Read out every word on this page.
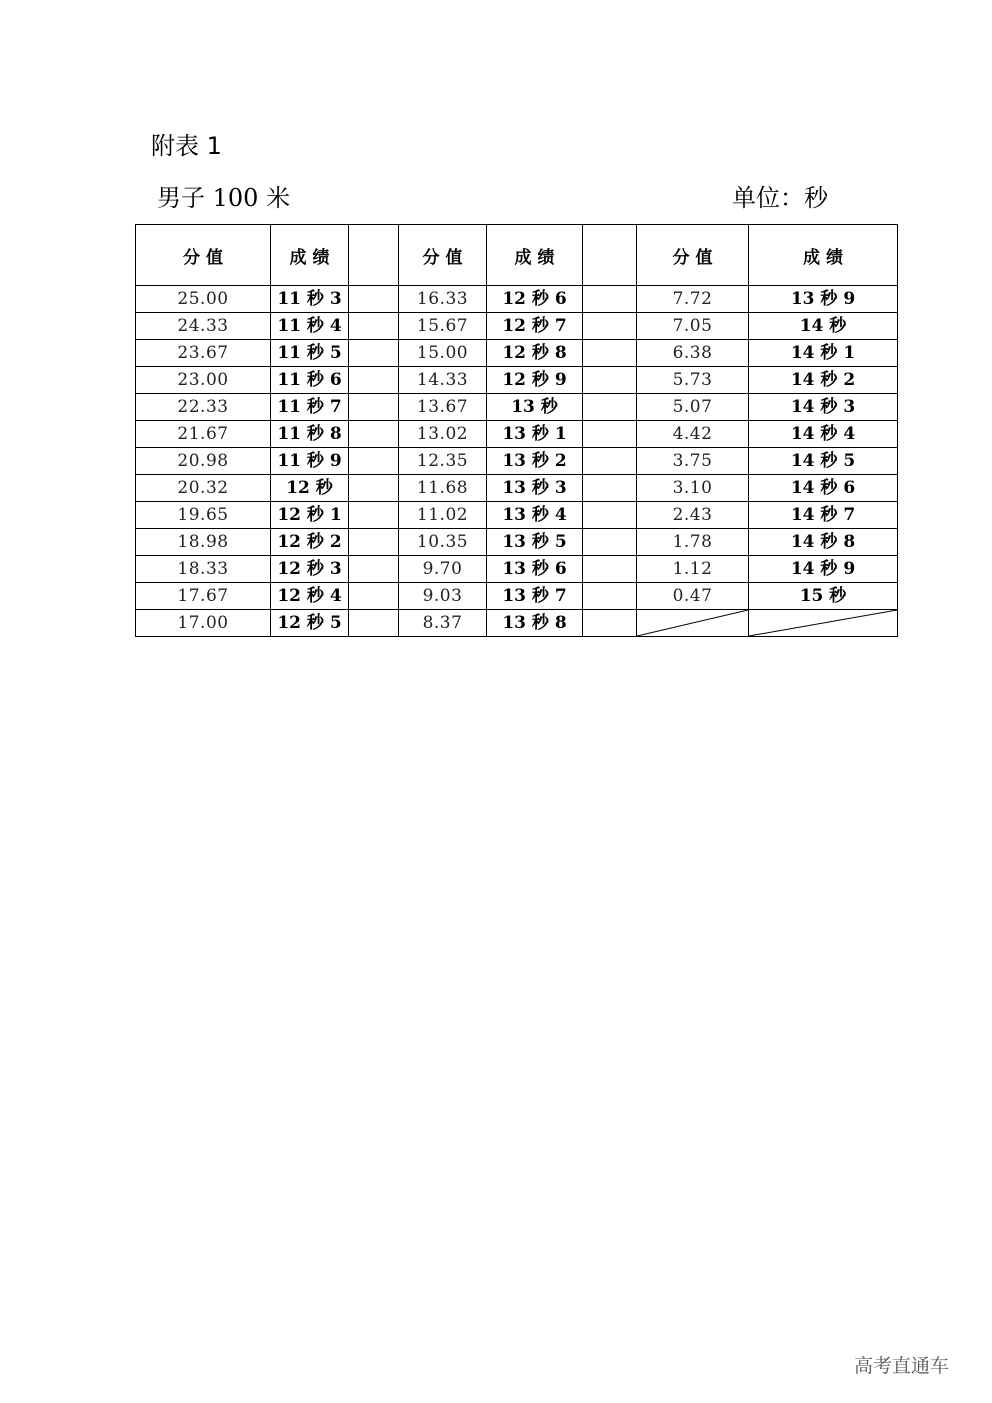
附表 1
男子 100 米	单位：秒
分 值	成 绩		分 值	成 绩		分 值	成 绩
25.00	11 秒 3		16.33	12 秒 6		7.72	13 秒 9
24.33	11 秒 4		15.67	12 秒 7		7.05	14 秒
23.67	11 秒 5		15.00	12 秒 8		6.38	14 秒 1
23.00	11 秒 6		14.33	12 秒 9		5.73	14 秒 2
22.33	11 秒 7		13.67	13 秒		5.07	14 秒 3
21.67	11 秒 8		13.02	13 秒 1		4.42	14 秒 4
20.98	11 秒 9		12.35	13 秒 2		3.75	14 秒 5
20.32	12 秒		11.68	13 秒 3		3.10	14 秒 6
19.65	12 秒 1		11.02	13 秒 4		2.43	14 秒 7
18.98	12 秒 2		10.35	13 秒 5		1.78	14 秒 8
18.33	12 秒 3		9.70	13 秒 6		1.12	14 秒 9
17.67	12 秒 4		9.03	13 秒 7		0.47	15 秒
17.00	12 秒 5		8.37	13 秒 8		

高考直通车
